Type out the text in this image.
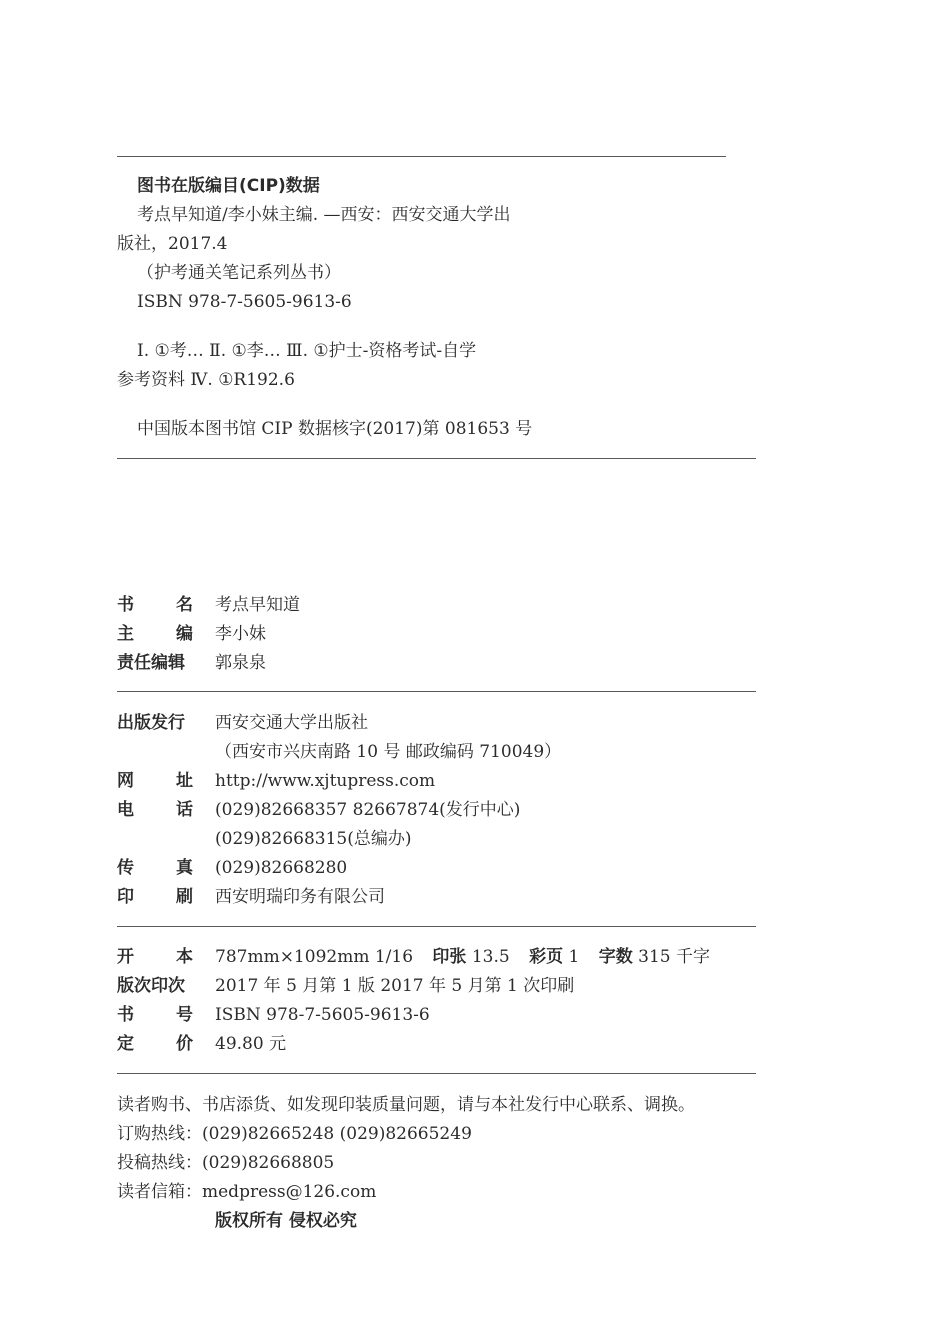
图书在版编目(CIP)数据
考点早知道/李小妹主编. —西安：西安交通大学出
版社，2017.4
（护考通关笔记系列丛书）
ISBN 978-7-5605-9613-6
Ⅰ. ①考… Ⅱ. ①李… Ⅲ. ①护士-资格考试-自学
参考资料 Ⅳ. ①R192.6
中国版本图书馆 CIP 数据核字(2017)第 081653 号
书 名 考点早知道
主 编 李小妹
责任编辑	郭泉泉
出版发行	西安交通大学出版社
（西安市兴庆南路 10 号 邮政编码 710049）
网 址 http://www.xjtupress.com
电 话 (029)82668357 82667874(发行中心)
(029)82668315(总编办)
传 真 (029)82668280
印 刷 西安明瑞印务有限公司
开 本 787mm×1092mm 1/16 印张 13.5 彩页 1 字数 315 千字
版次印次	2017 年 5 月第 1 版 2017 年 5 月第 1 次印刷
书 号 ISBN 978-7-5605-9613-6
定 价 49.80 元
读者购书、书店添货、如发现印装质量问题，请与本社发行中心联系、调换。
订购热线：(029)82665248 (029)82665249
投稿热线：(029)82668805
读者信箱：medpress@126.com
版权所有 侵权必究
